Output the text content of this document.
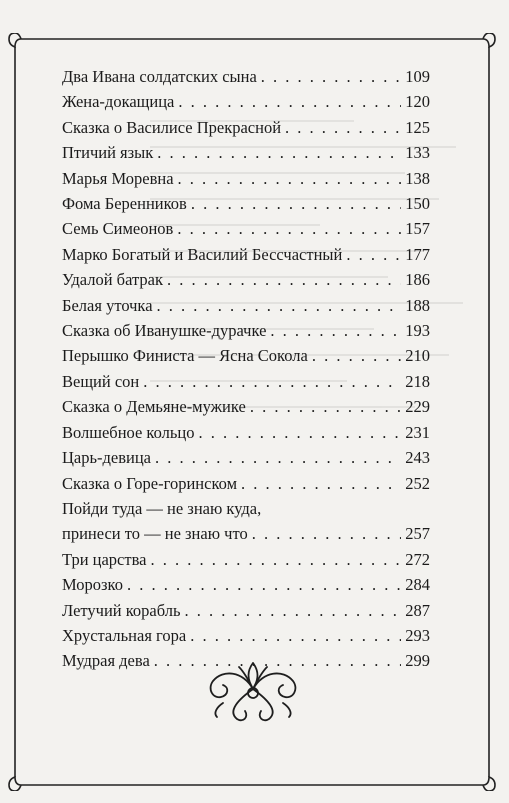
Два Ивана солдатских сына . . .	109
Жена-докащица . . .	120
Сказка о Василисе Прекрасной . . .	125
Птичий язык . . .	133
Марья Моревна . . .	138
Фома Беренников . . .	150
Семь Симеонов . . .	157
Марко Богатый и Василий Бессчастный . . .	177
Удалой батрак . . .	186
Белая уточка . . .	188
Сказка об Иванушке-дурачке . . .	193
Перышко Финиста — Ясна Сокола . . .	210
Вещий сон . . .	218
Сказка о Демьяне-мужике . . .	229
Волшебное кольцо . . .	231
Царь-девица . . .	243
Сказка о Горе-горинском . . .	252
Пойди туда — не знаю куда,
принеси то — не знаю что . . .	257
Три царства . . .	272
Морозко . . .	284
Летучий корабль . . .	287
Хрустальная гора . . .	293
Мудрая дева . . .	299
